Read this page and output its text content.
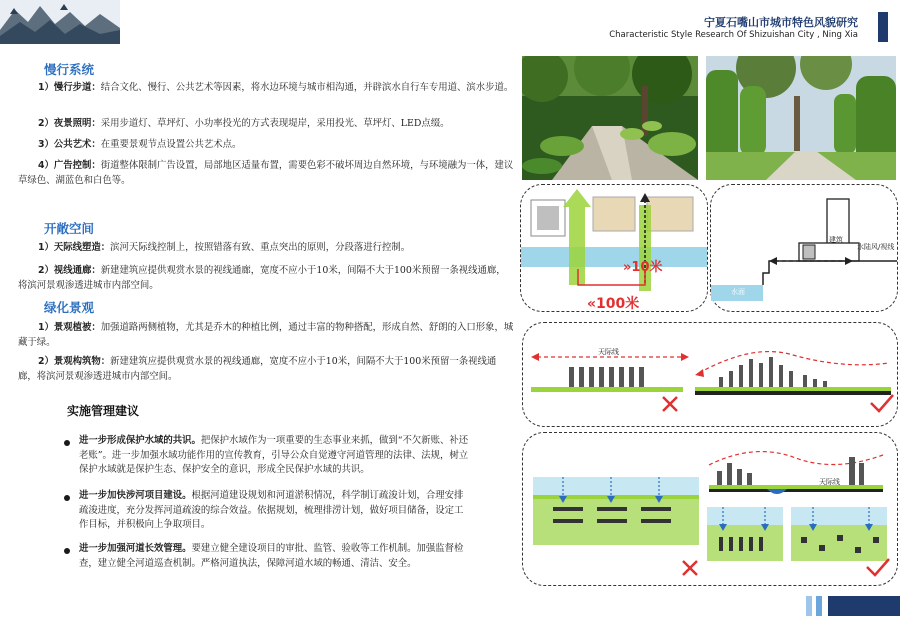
宁夏石嘴山市城市特色风貌研究
Characteristic Style Research Of Shizuishan City , Ning Xia
慢行系统
1）慢行步道：结合文化、慢行、公共艺术等因素，将水边环境与城市相沟通，并辟滨水自行车专用道、滨水步道。
2）夜景照明：采用步道灯、草坪灯、小功率投光的方式表现堤岸，采用投光、草坪灯、LED点缀。
3）公共艺术：在重要景观节点设置公共艺术点。
4）广告控制：街道整体限制广告设置，局部地区适量布置，需要色彩不破坏周边自然环境，与环境融为一体，建议草绿色、湖蓝色和白色等。
开敞空间
1）天际线塑造：滨河天际线控制上，按照错落有致、重点突出的原则，分段落进行控制。
2）视线通廊：新建建筑应提供观赏水景的视线通廊，宽度不应小于10米，间隔不大于100米预留一条视线通廊，将滨河景观渗透进城市内部空间。
绿化景观
1）景观植被：加强道路两侧植物，尤其是乔木的种植比例，通过丰富的物种搭配，形成自然、舒朗的入口形象，城藏于绿。
2）景观构筑物：新建建筑应提供观赏水景的视线通廊，宽度不应小于10米，间隔不大于100米预留一条视线通廊，将滨河景观渗透进城市内部空间。
实施管理建议
进一步形成保护水域的共识。把保护水域作为一项重要的生态事业来抓，做到“不欠新账、补还老账”。进一步加强水域功能作用的宣传教育，引导公众自觉遵守河道管理的法律、法规，树立保护水域就是保护生态、保护安全的意识，形成全民保护水域的共识。
进一步加快涉河项目建设。根据河道建设规划和河道淤积情况，科学制订疏浚计划，合理安排疏浚进度，充分发挥河道疏浚的综合效益。依据规划，梳理排涝计划，做好项目储备，设定工作目标，并积极向上争取项目。
进一步加强河道长效管理。要建立健全建设项目的审批、监管、验收等工作机制。加强监督检查，建立健全河道巡查机制。严格河道执法，保障河道水域的畅通、清洁、安全。
»10米
«100米
建筑
水陆风/视线
水面
天际线
天际线
